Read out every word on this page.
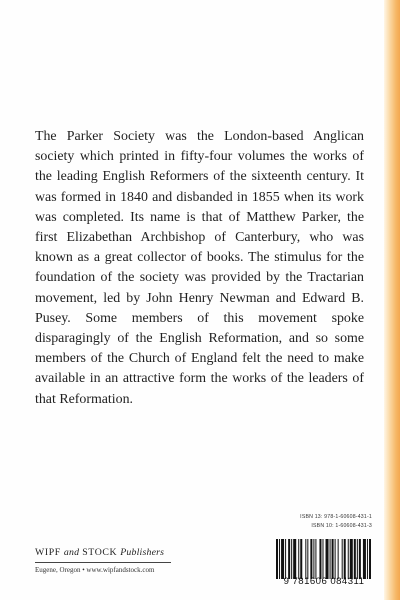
The Parker Society was the London-based Anglican society which printed in fifty-four volumes the works of the leading English Reformers of the sixteenth century. It was formed in 1840 and disbanded in 1855 when its work was completed. Its name is that of Matthew Parker, the first Elizabethan Archbishop of Canterbury, who was known as a great collector of books. The stimulus for the foundation of the society was provided by the Tractarian movement, led by John Henry Newman and Edward B. Pusey. Some members of this movement spoke disparagingly of the English Reformation, and so some members of the Church of England felt the need to make available in an attractive form the works of the leaders of that Reformation.

ISBN 13: 978-1-60608-431-1
ISBN 10: 1-60608-431-3
9 781606 084311
WIPF and STOCK Publishers
Eugene, Oregon • www.wipfandstock.com
